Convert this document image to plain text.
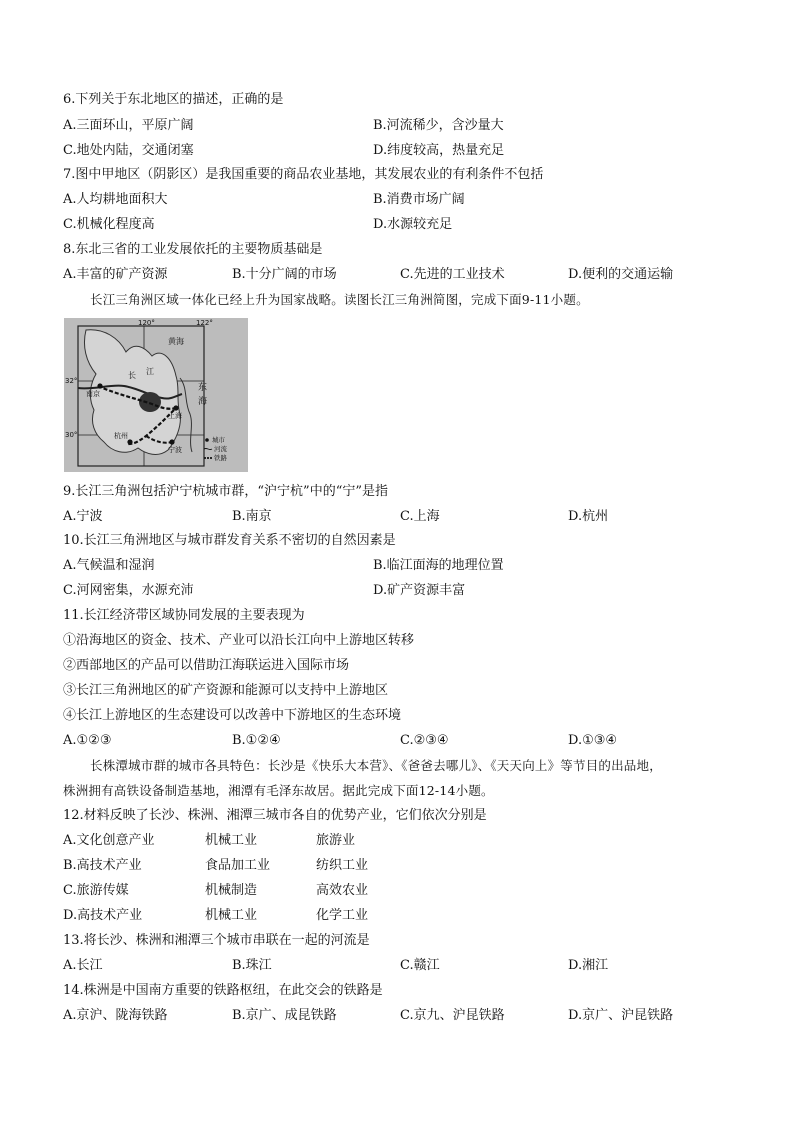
6.下列关于东北地区的描述，正确的是
A.三面环山，平原广阔	B.河流稀少，含沙量大
C.地处内陆，交通闭塞	D.纬度较高，热量充足
7.图中甲地区（阴影区）是我国重要的商品农业基地，其发展农业的有利条件不包括
A.人均耕地面积大	B.消费市场广阔
C.机械化程度高	D.水源较充足
8.东北三省的工业发展依托的主要物质基础是
A.丰富的矿产资源	B.十分广阔的市场	C.先进的工业技术	D.便利的交通运输
长江三角洲区域一体化已经上升为国家战略。读图长江三角洲简图，完成下面9-11小题。
120°	122°
32°
30°
黄海
东
海
长 江
南京
上海
杭州
宁波
城市
河流
铁路
9.长江三角洲包括沪宁杭城市群，“沪宁杭”中的“宁”是指
A.宁波	B.南京	C.上海	D.杭州
10.长江三角洲地区与城市群发育关系不密切的自然因素是
A.气候温和湿润	B.临江面海的地理位置
C.河网密集，水源充沛	D.矿产资源丰富
11.长江经济带区域协同发展的主要表现为
①沿海地区的资金、技术、产业可以沿长江向中上游地区转移
②西部地区的产品可以借助江海联运进入国际市场
③长江三角洲地区的矿产资源和能源可以支持中上游地区
④长江上游地区的生态建设可以改善中下游地区的生态环境
A.①②③	B.①②④	C.②③④	D.①③④
长株潭城市群的城市各具特色：长沙是《快乐大本营》、《爸爸去哪儿》、《天天向上》等节目的出品地，
株洲拥有高铁设备制造基地，湘潭有毛泽东故居。据此完成下面12-14小题。
12.材料反映了长沙、株洲、湘潭三城市各自的优势产业，它们依次分别是
A.文化创意产业	机械工业	旅游业
B.高技术产业	食品加工业	纺织工业
C.旅游传媒	机械制造	高效农业
D.高技术产业	机械工业	化学工业
13.将长沙、株洲和湘潭三个城市串联在一起的河流是
A.长江	B.珠江	C.赣江	D.湘江
14.株洲是中国南方重要的铁路枢纽，在此交会的铁路是
A.京沪、陇海铁路	B.京广、成昆铁路	C.京九、沪昆铁路	D.京广、沪昆铁路
